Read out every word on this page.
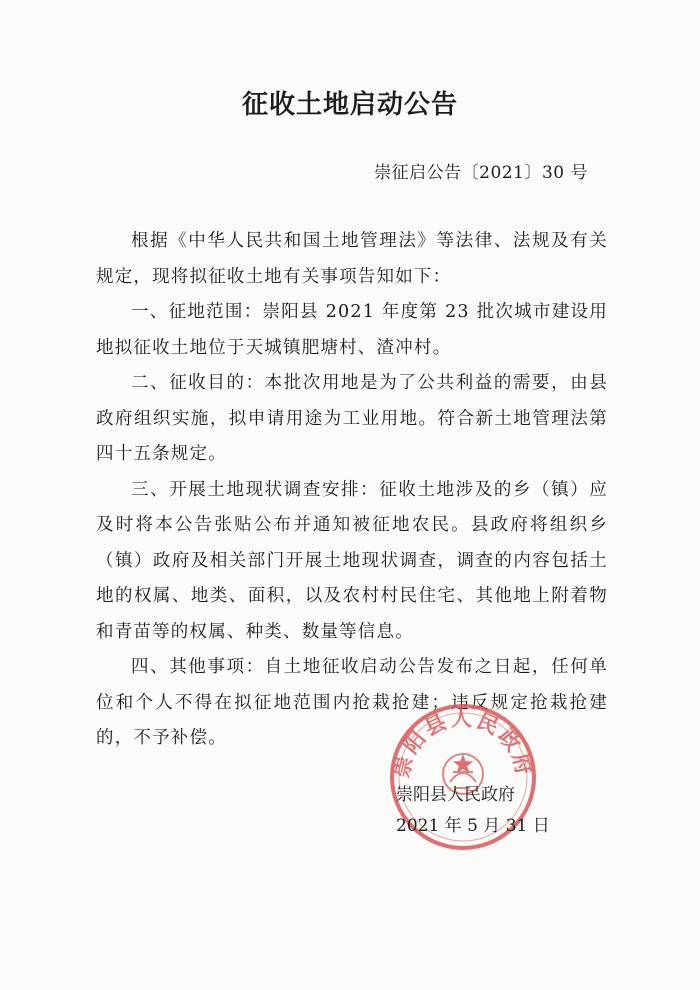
征收土地启动公告
崇征启公告〔2021〕30 号

根据《中华人民共和国土地管理法》等法律、法规及有关规定，现将拟征收土地有关事项告知如下：

一、征地范围：崇阳县 2021 年度第 23 批次城市建设用地拟征收土地位于天城镇肥塘村、渣冲村。

二、征收目的：本批次用地是为了公共利益的需要，由县政府组织实施，拟申请用途为工业用地。符合新土地管理法第四十五条规定。

三、开展土地现状调查安排：征收土地涉及的乡（镇）应及时将本公告张贴公布并通知被征地农民。县政府将组织乡（镇）政府及相关部门开展土地现状调查，调查的内容包括土地的权属、地类、面积，以及农村村民住宅、其他地上附着物和青苗等的权属、种类、数量等信息。

四、其他事项：自土地征收启动公告发布之日起，任何单位和个人不得在拟征地范围内抢栽抢建；违反规定抢栽抢建的，不予补偿。

崇阳县人民政府
崇阳县人民政府
2021 年 5 月 31 日
